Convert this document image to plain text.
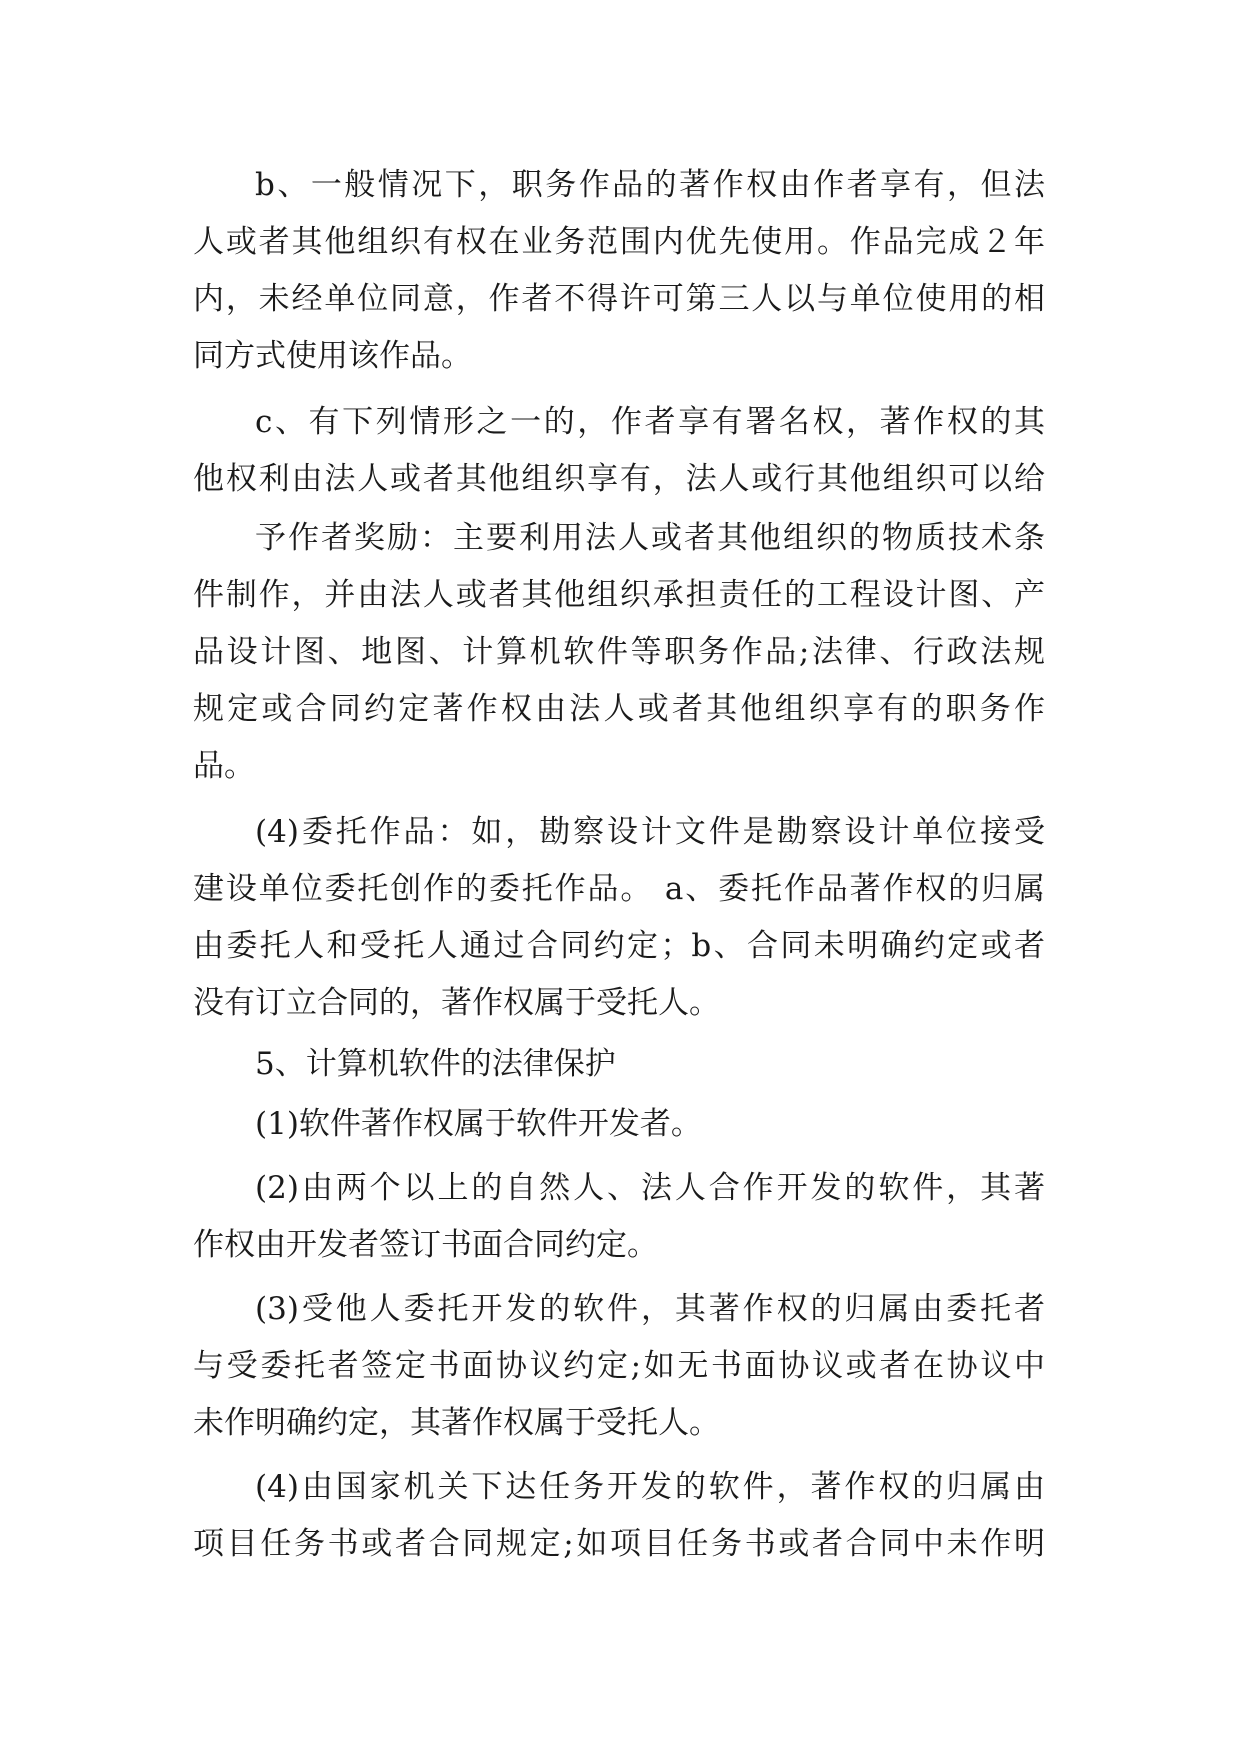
b、一般情况下，职务作品的著作权由作者享有，但法
人或者其他组织有权在业务范围内优先使用。作品完成２年
内，未经单位同意，作者不得许可第三人以与单位使用的相
同方式使用该作品。
c、有下列情形之一的，作者享有署名权，著作权的其
他权利由法人或者其他组织享有，法人或行其他组织可以给
予作者奖励：主要利用法人或者其他组织的物质技术条
件制作，并由法人或者其他组织承担责任的工程设计图、产
品设计图、地图、计算机软件等职务作品;法律、行政法规
规定或合同约定著作权由法人或者其他组织享有的职务作
品。
(4)委托作品：如，勘察设计文件是勘察设计单位接受
建设单位委托创作的委托作品。 a、委托作品著作权的归属
由委托人和受托人通过合同约定；b、合同未明确约定或者
没有订立合同的，著作权属于受托人。
5、计算机软件的法律保护
(1)软件著作权属于软件开发者。
(2)由两个以上的自然人、法人合作开发的软件，其著
作权由开发者签订书面合同约定。
(3)受他人委托开发的软件，其著作权的归属由委托者
与受委托者签定书面协议约定;如无书面协议或者在协议中
未作明确约定，其著作权属于受托人。
(4)由国家机关下达任务开发的软件，著作权的归属由
项目任务书或者合同规定;如项目任务书或者合同中未作明
